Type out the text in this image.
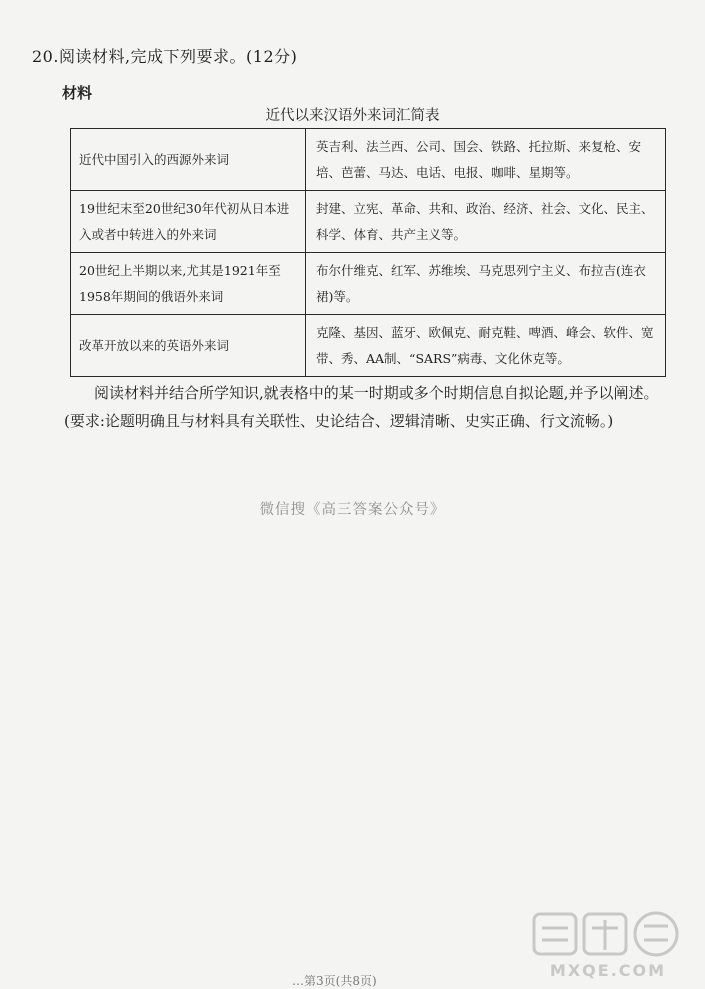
20.阅读材料,完成下列要求。(12分)
材料
近代以来汉语外来词汇简表
近代中国引入的西源外来词	英吉利、法兰西、公司、国会、铁路、托拉斯、来复枪、安培、芭蕾、马达、电话、电报、咖啡、星期等。
19世纪末至20世纪30年代初从日本进入或者中转进入的外来词	封建、立宪、革命、共和、政治、经济、社会、文化、民主、科学、体育、共产主义等。
20世纪上半期以来,尤其是1921年至1958年期间的俄语外来词	布尔什维克、红军、苏维埃、马克思列宁主义、布拉吉(连衣裙)等。
改革开放以来的英语外来词	克隆、基因、蓝牙、欧佩克、耐克鞋、啤酒、峰会、软件、宽带、秀、AA制、“SARS”病毒、文化休克等。
阅读材料并结合所学知识,就表格中的某一时期或多个时期信息自拟论题,并予以阐述。(要求:论题明确且与材料具有关联性、史论结合、逻辑清晰、史实正确、行文流畅。)
微信搜《高三答案公众号》
MXQE.COM
…第3页(共8页)
